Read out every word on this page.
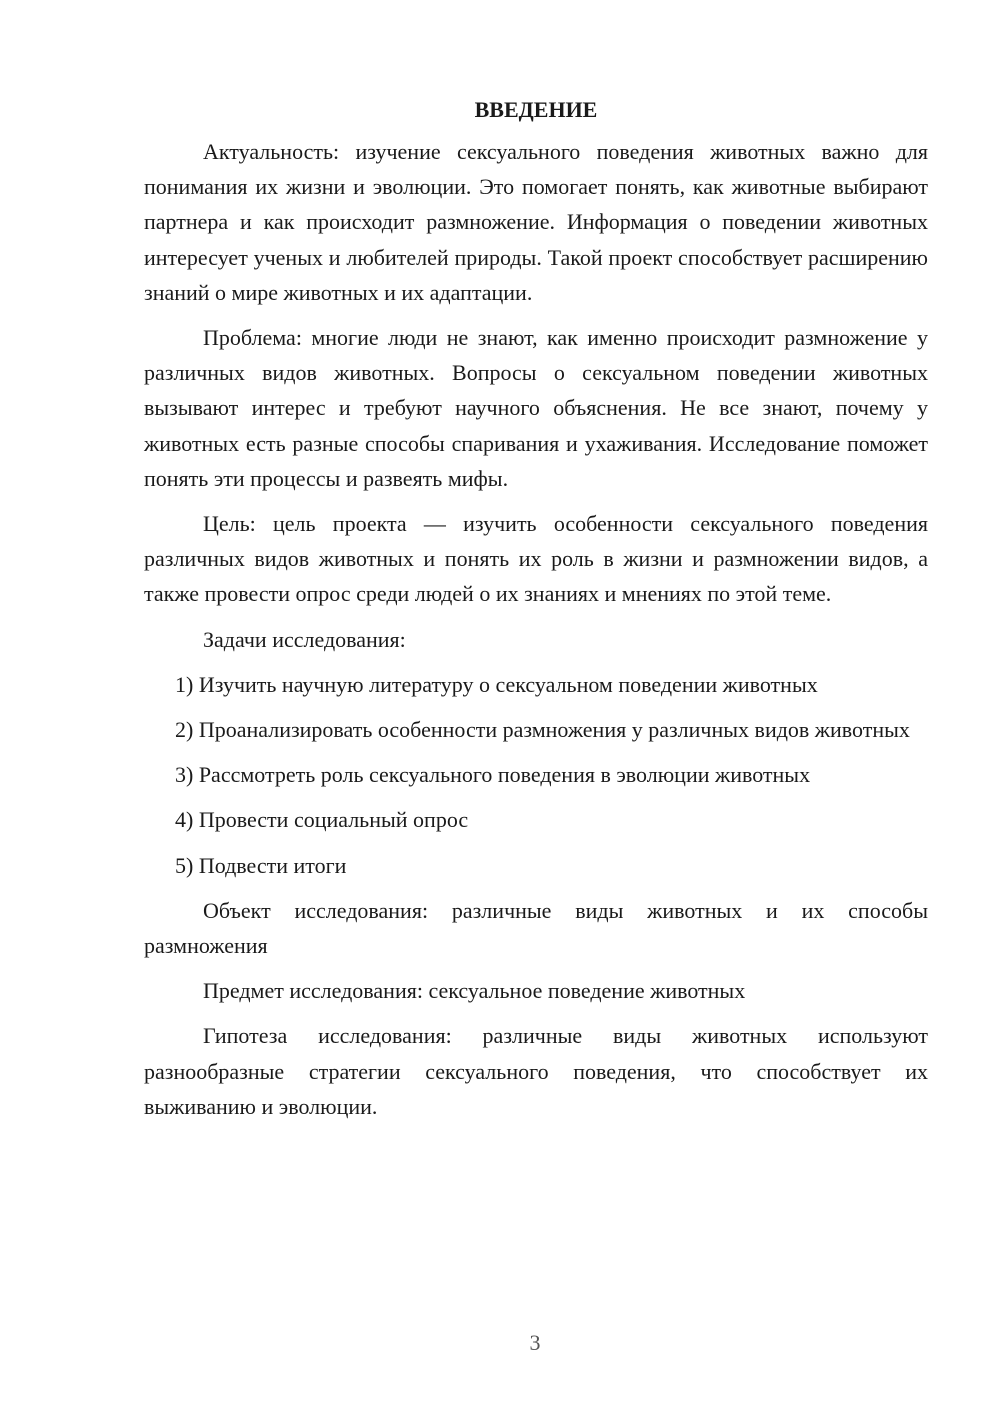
ВВЕДЕНИЕ

Актуальность: изучение сексуального поведения животных важно для понимания их жизни и эволюции. Это помогает понять, как животные выбирают партнера и как происходит размножение. Информация о поведении животных интересует ученых и любителей природы. Такой проект способствует расширению знаний о мире животных и их адаптации.

Проблема: многие люди не знают, как именно происходит размножение у различных видов животных. Вопросы о сексуальном поведении животных вызывают интерес и требуют научного объяснения. Не все знают, почему у животных есть разные способы спаривания и ухаживания. Исследование поможет понять эти процессы и развеять мифы.

Цель: цель проекта — изучить особенности сексуального поведения различных видов животных и понять их роль в жизни и размножении видов, а также провести опрос среди людей о их знаниях и мнениях по этой теме.

Задачи исследования:

1) Изучить научную литературу о сексуальном поведении животных

2) Проанализировать особенности размножения у различных видов животных

3) Рассмотреть роль сексуального поведения в эволюции животных

4) Провести социальный опрос

5) Подвести итоги

Объект исследования: различные виды животных и их способы размножения

Предмет исследования: сексуальное поведение животных

Гипотеза исследования: различные виды животных используют разнообразные стратегии сексуального поведения, что способствует их выживанию и эволюции.

3
